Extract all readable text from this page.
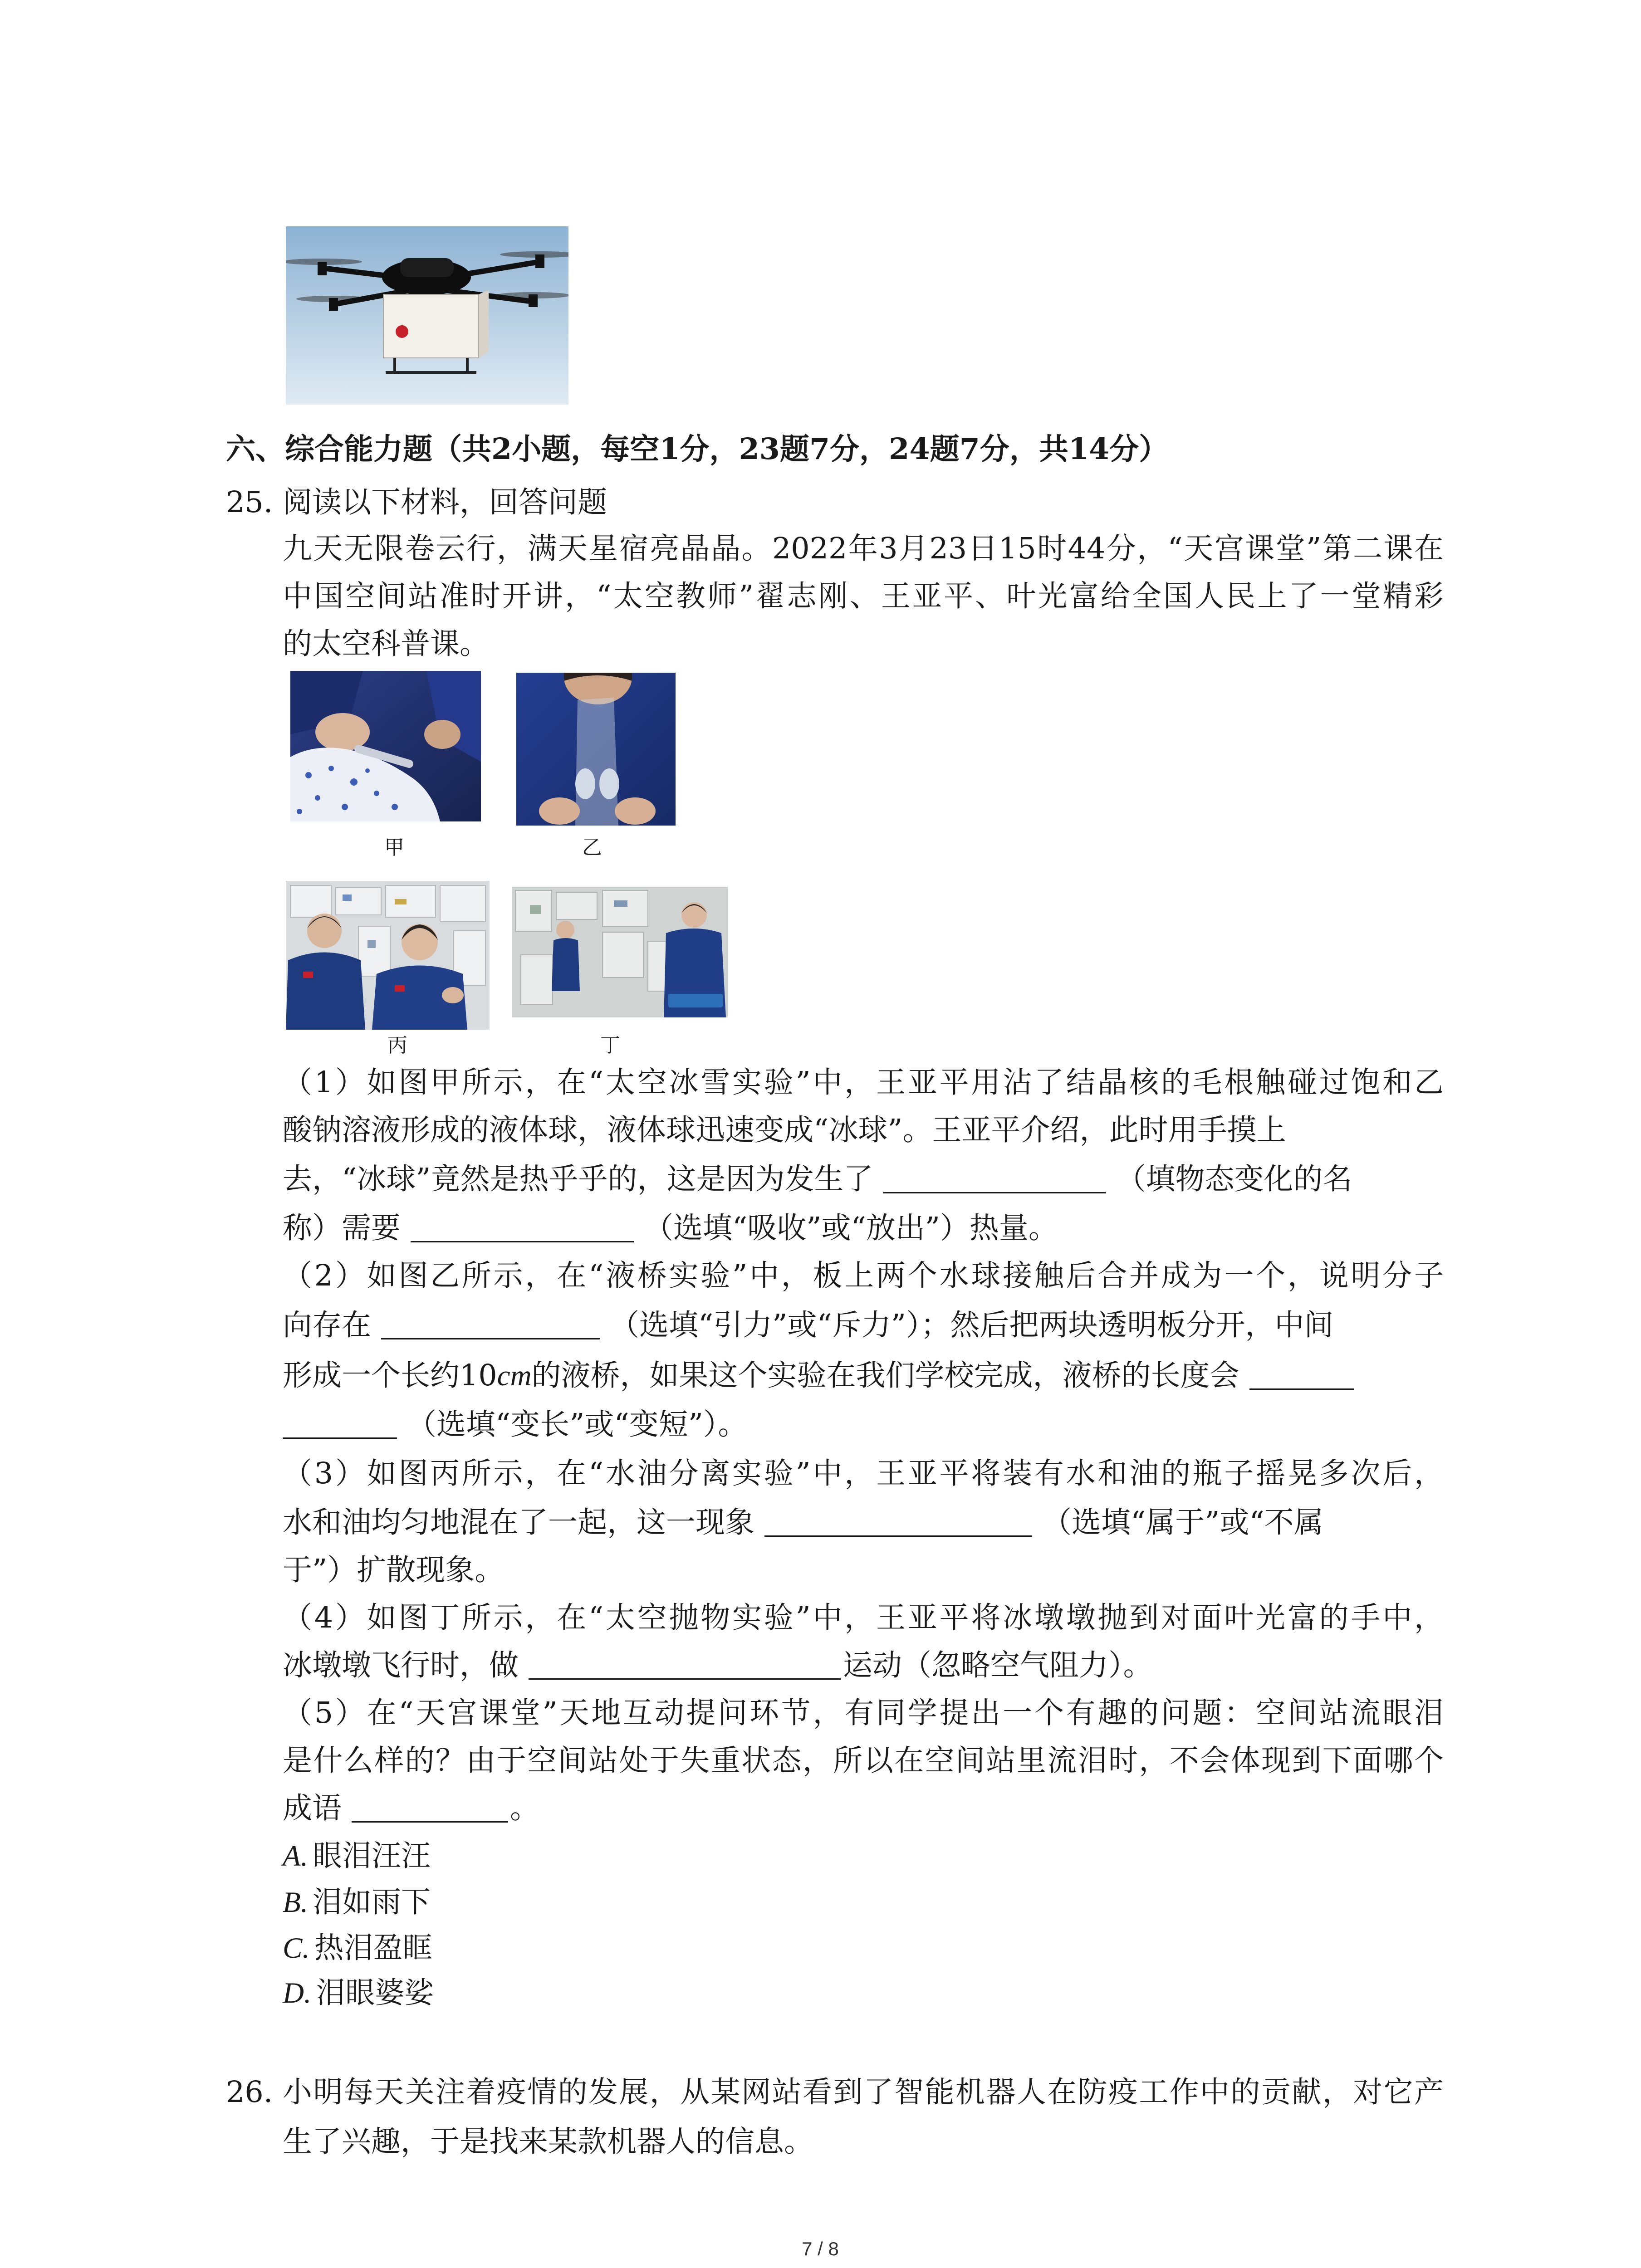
六、综合能力题（共2小题，每空1分，23题7分，24题7分，共14分）
25. 阅读以下材料，回答问题
九天无限卷云行，满天星宿亮晶晶。2022年3月23日15时44分，“天宫课堂”第二课在
中国空间站准时开讲，“太空教师”翟志刚、王亚平、叶光富给全国人民上了一堂精彩
的太空科普课。
甲	乙
丙	丁
（1）如图甲所示，在“太空冰雪实验”中，王亚平用沾了结晶核的毛根触碰过饱和乙
酸钠溶液形成的液体球，液体球迅速变成“冰球”。王亚平介绍，此时用手摸上
去，“冰球”竟然是热乎乎的，这是因为发生了	（填物态变化的名
称）需要	（选填“吸收”或“放出”）热量。
（2）如图乙所示，在“液桥实验”中，板上两个水球接触后合并成为一个，说明分子
向存在	（选填“引力”或“斥力”）；然后把两块透明板分开，中间
形成一个长约10cm的液桥，如果这个实验在我们学校完成，液桥的长度会
（选填“变长”或“变短”）。
（3）如图丙所示，在“水油分离实验”中，王亚平将装有水和油的瓶子摇晃多次后，
水和油均匀地混在了一起，这一现象	（选填“属于”或“不属
于”）扩散现象。
（4）如图丁所示，在“太空抛物实验”中，王亚平将冰墩墩抛到对面叶光富的手中，
冰墩墩飞行时，做	运动（忽略空气阻力）。
（5）在“天宫课堂”天地互动提问环节，有同学提出一个有趣的问题：空间站流眼泪
是什么样的？由于空间站处于失重状态，所以在空间站里流泪时，不会体现到下面哪个
成语	。
A. 眼泪汪汪
B. 泪如雨下
C. 热泪盈眶
D. 泪眼婆娑
26. 小明每天关注着疫情的发展，从某网站看到了智能机器人在防疫工作中的贡献，对它产
生了兴趣，于是找来某款机器人的信息。
7 / 8
